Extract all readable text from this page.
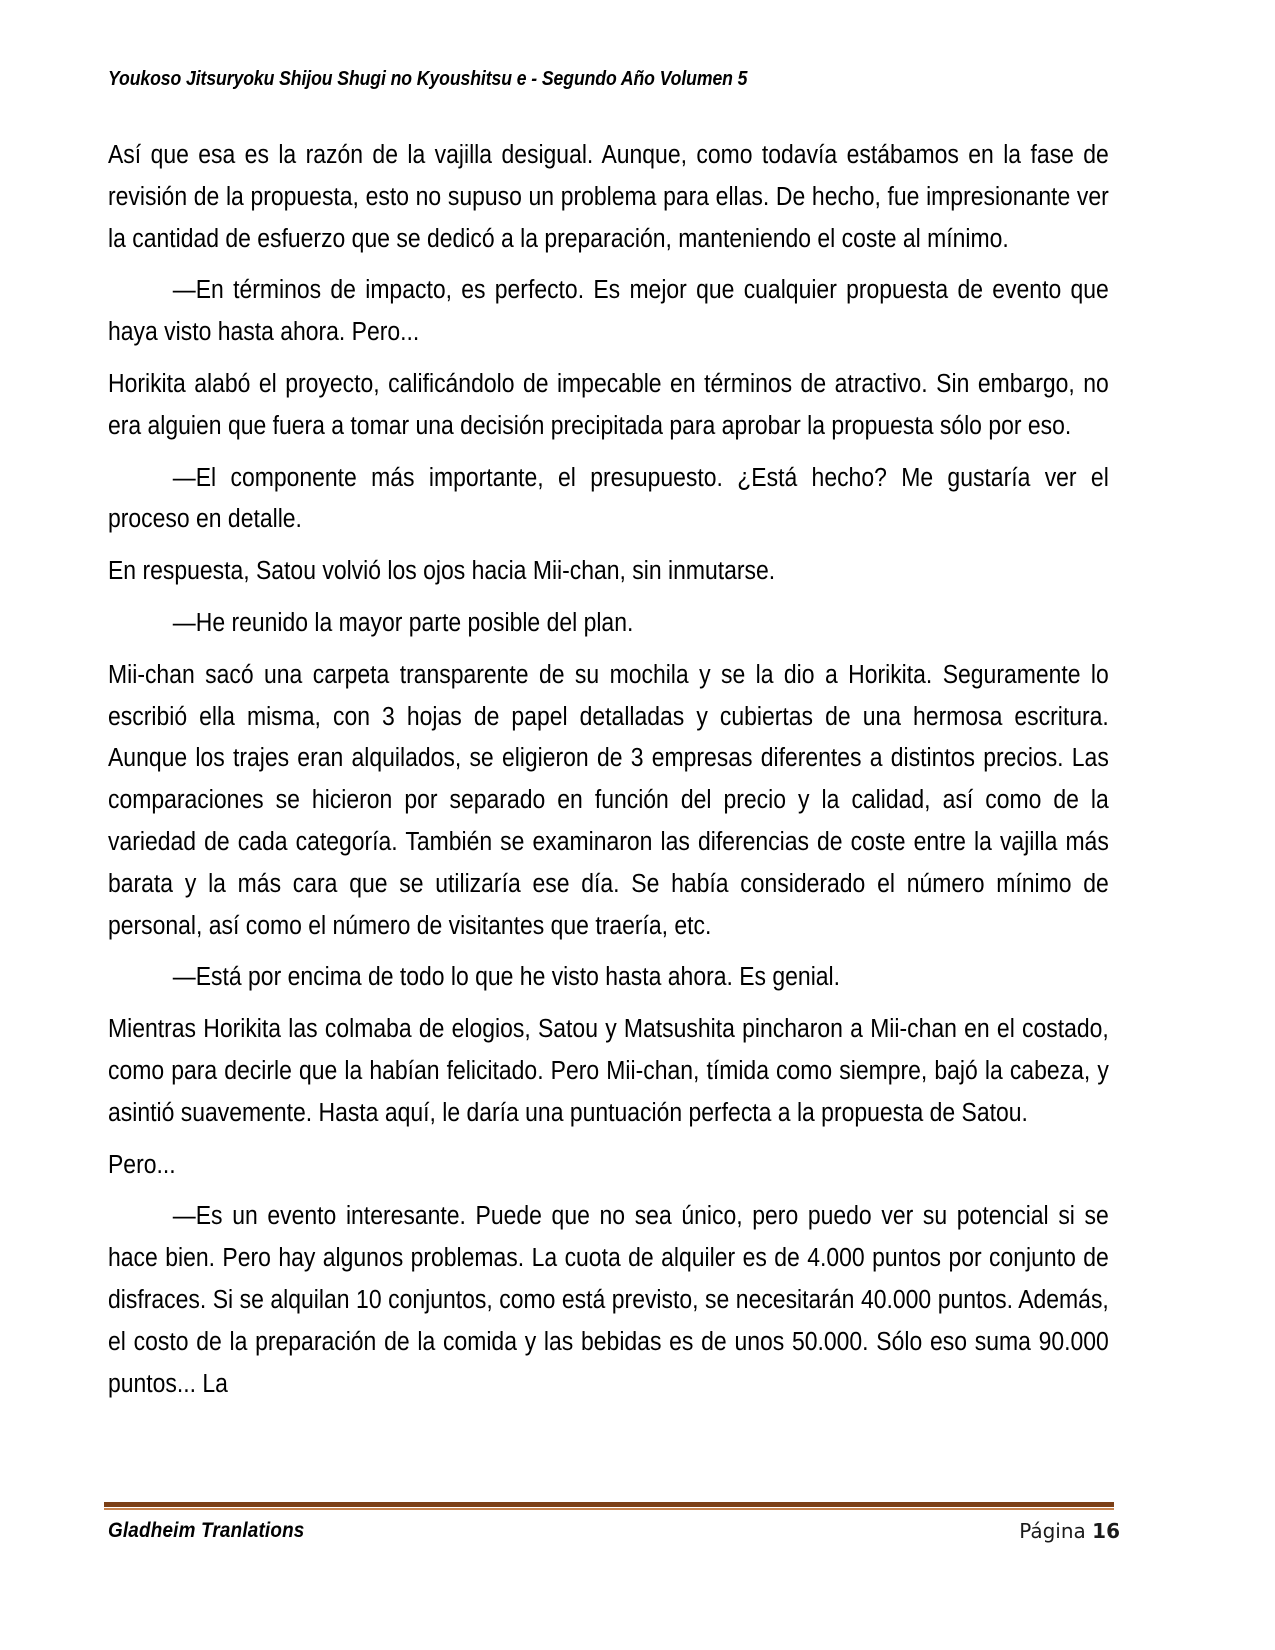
Youkoso Jitsuryoku Shijou Shugi no Kyoushitsu e - Segundo Año Volumen 5

Así que esa es la razón de la vajilla desigual. Aunque, como todavía estábamos en la fase de revisión de la propuesta, esto no supuso un problema para ellas. De hecho, fue impresionante ver la cantidad de esfuerzo que se dedicó a la preparación, manteniendo el coste al mínimo.

—En términos de impacto, es perfecto. Es mejor que cualquier propuesta de evento que haya visto hasta ahora. Pero...

Horikita alabó el proyecto, calificándolo de impecable en términos de atractivo. Sin embargo, no era alguien que fuera a tomar una decisión precipitada para aprobar la propuesta sólo por eso.

—El componente más importante, el presupuesto. ¿Está hecho? Me gustaría ver el proceso en detalle.

En respuesta, Satou volvió los ojos hacia Mii-chan, sin inmutarse.

—He reunido la mayor parte posible del plan.

Mii-chan sacó una carpeta transparente de su mochila y se la dio a Horikita. Seguramente lo escribió ella misma, con 3 hojas de papel detalladas y cubiertas de una hermosa escritura. Aunque los trajes eran alquilados, se eligieron de 3 empresas diferentes a distintos precios. Las comparaciones se hicieron por separado en función del precio y la calidad, así como de la variedad de cada categoría. También se examinaron las diferencias de coste entre la vajilla más barata y la más cara que se utilizaría ese día. Se había considerado el número mínimo de personal, así como el número de visitantes que traería, etc.

—Está por encima de todo lo que he visto hasta ahora. Es genial.

Mientras Horikita las colmaba de elogios, Satou y Matsushita pincharon a Mii-chan en el costado, como para decirle que la habían felicitado. Pero Mii-chan, tímida como siempre, bajó la cabeza, y asintió suavemente. Hasta aquí, le daría una puntuación perfecta a la propuesta de Satou.

Pero...

—Es un evento interesante. Puede que no sea único, pero puedo ver su potencial si se hace bien. Pero hay algunos problemas. La cuota de alquiler es de 4.000 puntos por conjunto de disfraces. Si se alquilan 10 conjuntos, como está previsto, se necesitarán 40.000 puntos. Además, el costo de la preparación de la comida y las bebidas es de unos 50.000. Sólo eso suma 90.000 puntos... La

Gladheim Tranlations	Página 16
